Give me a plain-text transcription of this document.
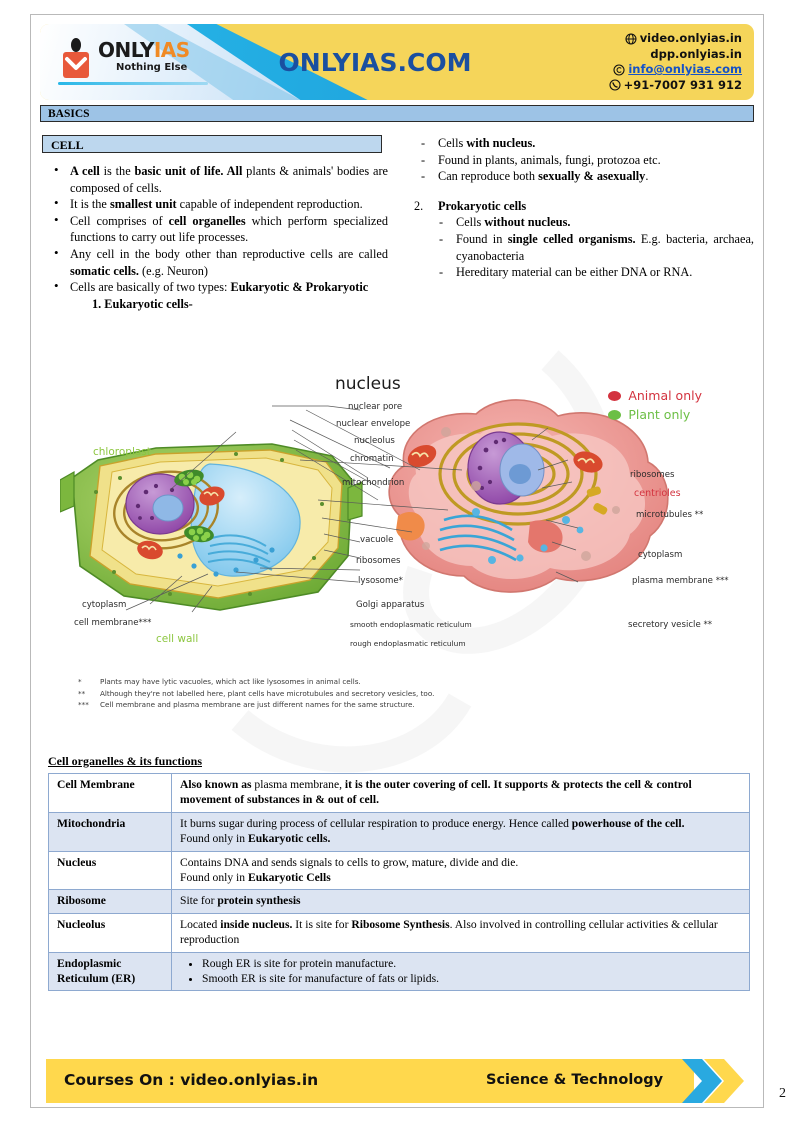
ONLYIAS.COM
ONLYIAS
Nothing Else
video.onlyias.in
dpp.onlyias.in
info@onlyias.com
+91-7007 931 912
BASICS
CELL
• A cell is the basic unit of life. All plants & animals' bodies are composed of cells.
• It is the smallest unit capable of independent reproduction.
• Cell comprises of cell organelles which perform specialized functions to carry out life processes.
• Any cell in the body other than reproductive cells are called somatic cells. (e.g. Neuron)
• Cells are basically of two types: Eukaryotic & Prokaryotic
1. Eukaryotic cells-
- Cells with nucleus.
- Found in plants, animals, fungi, protozoa etc.
- Can reproduce both sexually & asexually.
2. Prokaryotic cells
- Cells without nucleus.
- Found in single celled organisms. E.g. bacteria, archaea, cyanobacteria
- Hereditary material can be either DNA or RNA.
Animal only
Plant only
nucleus
nuclear pore
nuclear envelope
nucleolus
chromatin
mitochondrion
vacuole
ribosomes
lysosome*
Golgi apparatus
smooth endoplasmatic reticulum
rough endoplasmatic reticulum
chloroplast
cytoplasm
cell membrane***
cell wall
ribosomes
centrioles
microtubules **
cytoplasm
plasma membrane ***
secretory vesicle **
*	Plants may have lytic vacuoles, which act like lysosomes in animal cells.
**	Although they're not labelled here, plant cells have microtubules and secretory vesicles, too.
***	Cell membrane and plasma membrane are just different names for the same structure.
Cell organelles & its functions
Cell Membrane	Also known as plasma membrane, it is the outer covering of cell. It supports & protects the cell & control movement of substances in & out of cell.

Mitochondria	It burns sugar during process of cellular respiration to produce energy. Hence called powerhouse of the cell.
Found only in Eukaryotic cells.

Nucleus	Contains DNA and sends signals to cells to grow, mature, divide and die.
Found only in Eukaryotic Cells

Ribosome	Site for protein synthesis

Nucleolus	Located inside nucleus. It is site for Ribosome Synthesis. Also involved in controlling cellular activities & cellular reproduction

Endoplasmic Reticulum (ER)	
• Rough ER is site for protein manufacture.
• Smooth ER is site for manufacture of fats or lipids.
Courses On : video.onlyias.in	Science & Technology
2
